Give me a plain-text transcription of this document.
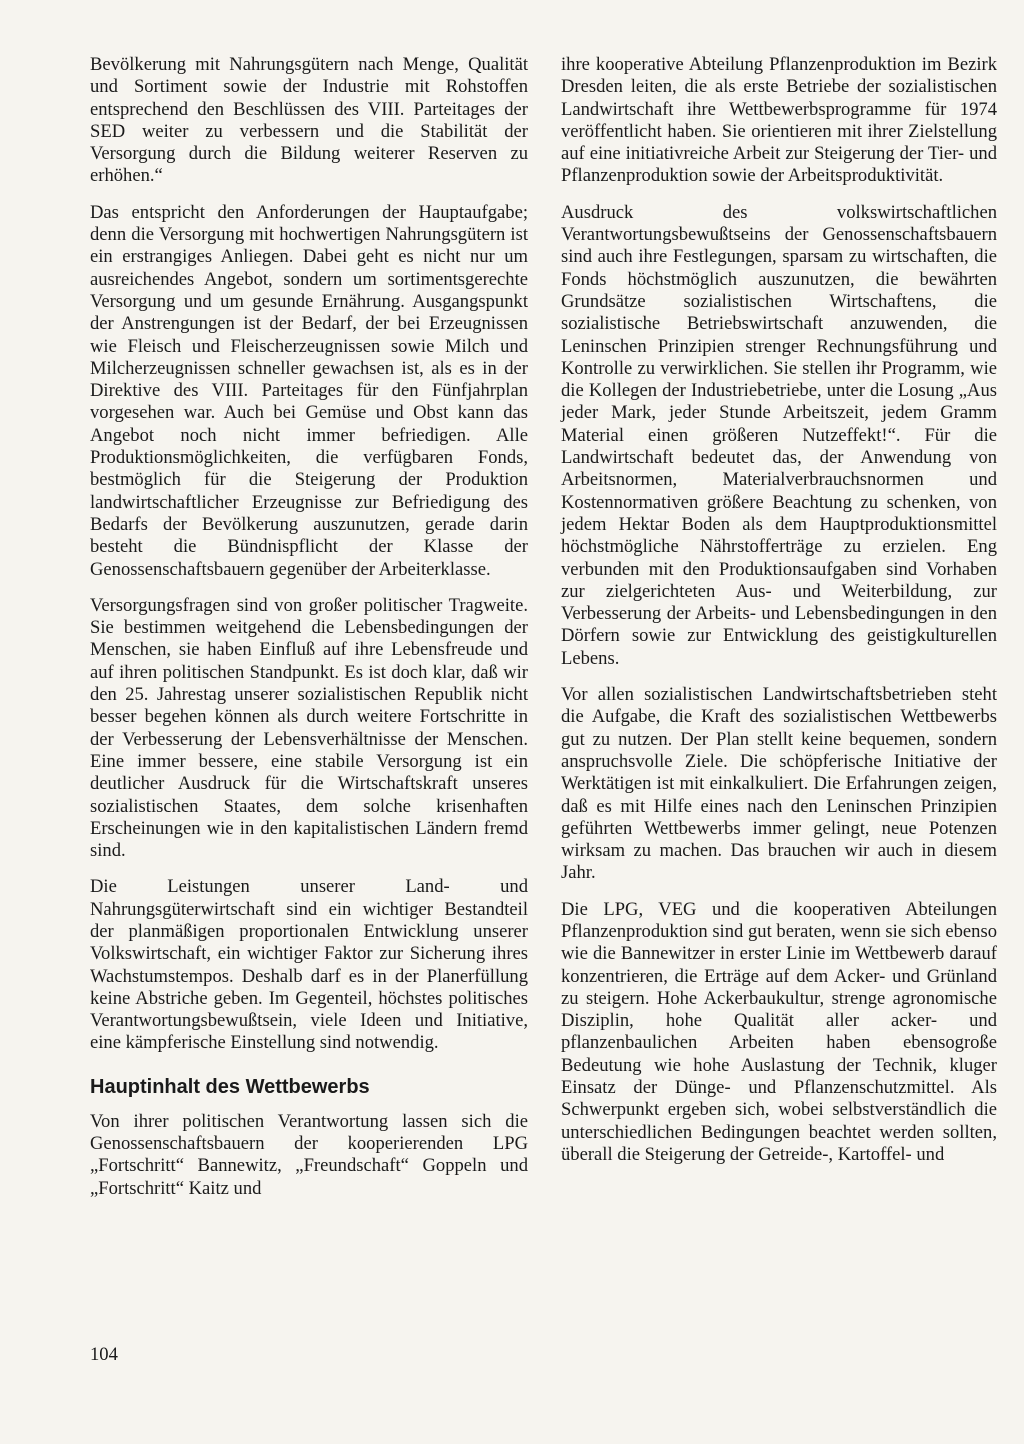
Bevölkerung mit Nahrungsgütern nach Menge, Qualität und Sortiment sowie der Industrie mit Rohstoffen entsprechend den Beschlüssen des VIII. Parteitages der SED weiter zu verbessern und die Stabilität der Versorgung durch die Bildung weiterer Reserven zu erhöhen.“

Das entspricht den Anforderungen der Hauptaufgabe; denn die Versorgung mit hochwertigen Nahrungsgütern ist ein erstrangiges Anliegen. Dabei geht es nicht nur um ausreichendes Angebot, sondern um sortimentsgerechte Versorgung und um gesunde Ernährung. Ausgangspunkt der Anstrengungen ist der Bedarf, der bei Erzeugnissen wie Fleisch und Fleischerzeugnissen sowie Milch und Milcherzeugnissen schneller gewachsen ist, als es in der Direktive des VIII. Parteitages für den Fünfjahrplan vorgesehen war. Auch bei Gemüse und Obst kann das Angebot noch nicht immer befriedigen. Alle Produktionsmöglichkeiten, die verfügbaren Fonds, bestmöglich für die Steigerung der Produktion landwirtschaftlicher Erzeugnisse zur Befriedigung des Bedarfs der Bevölkerung auszunutzen, gerade darin besteht die Bündnispflicht der Klasse der Genossenschaftsbauern gegenüber der Arbeiterklasse.

Versorgungsfragen sind von großer politischer Tragweite. Sie bestimmen weitgehend die Lebensbedingungen der Menschen, sie haben Einfluß auf ihre Lebensfreude und auf ihren politischen Standpunkt. Es ist doch klar, daß wir den 25. Jahrestag unserer sozialistischen Republik nicht besser begehen können als durch weitere Fortschritte in der Verbesserung der Lebensverhältnisse der Menschen. Eine immer bessere, eine stabile Versorgung ist ein deutlicher Ausdruck für die Wirtschaftskraft unseres sozialistischen Staates, dem solche krisenhaften Erscheinungen wie in den kapitalistischen Ländern fremd sind.

Die Leistungen unserer Land- und Nahrungsgüterwirtschaft sind ein wichtiger Bestandteil der planmäßigen proportionalen Entwicklung unserer Volkswirtschaft, ein wichtiger Faktor zur Sicherung ihres Wachstumstempos. Deshalb darf es in der Planerfüllung keine Abstriche geben. Im Gegenteil, höchstes politisches Verantwortungsbewußtsein, viele Ideen und Initiative, eine kämpferische Einstellung sind notwendig.

Hauptinhalt des Wettbewerbs

Von ihrer politischen Verantwortung lassen sich die Genossenschaftsbauern der kooperierenden LPG „Fortschritt“ Bannewitz, „Freundschaft“ Goppeln und „Fortschritt“ Kaitz und

ihre kooperative Abteilung Pflanzenproduktion im Bezirk Dresden leiten, die als erste Betriebe der sozialistischen Landwirtschaft ihre Wettbewerbsprogramme für 1974 veröffentlicht haben. Sie orientieren mit ihrer Zielstellung auf eine initiativreiche Arbeit zur Steigerung der Tier- und Pflanzenproduktion sowie der Arbeitsproduktivität.

Ausdruck des volkswirtschaftlichen Verantwortungsbewußtseins der Genossenschaftsbauern sind auch ihre Festlegungen, sparsam zu wirtschaften, die Fonds höchstmöglich auszunutzen, die bewährten Grundsätze sozialistischen Wirtschaftens, die sozialistische Betriebswirtschaft anzuwenden, die Leninschen Prinzipien strenger Rechnungsführung und Kontrolle zu verwirklichen. Sie stellen ihr Programm, wie die Kollegen der Industriebetriebe, unter die Losung „Aus jeder Mark, jeder Stunde Arbeitszeit, jedem Gramm Material einen größeren Nutzeffekt!“. Für die Landwirtschaft bedeutet das, der Anwendung von Arbeitsnormen, Materialverbrauchsnormen und Kostennormativen größere Beachtung zu schenken, von jedem Hektar Boden als dem Hauptproduktionsmittel höchstmögliche Nährstofferträge zu erzielen. Eng verbunden mit den Produktionsaufgaben sind Vorhaben zur zielgerichteten Aus- und Weiterbildung, zur Verbesserung der Arbeits- und Lebensbedingungen in den Dörfern sowie zur Entwicklung des geistigkulturellen Lebens.

Vor allen sozialistischen Landwirtschaftsbetrieben steht die Aufgabe, die Kraft des sozialistischen Wettbewerbs gut zu nutzen. Der Plan stellt keine bequemen, sondern anspruchsvolle Ziele. Die schöpferische Initiative der Werktätigen ist mit einkalkuliert. Die Erfahrungen zeigen, daß es mit Hilfe eines nach den Leninschen Prinzipien geführten Wettbewerbs immer gelingt, neue Potenzen wirksam zu machen. Das brauchen wir auch in diesem Jahr.

Die LPG, VEG und die kooperativen Abteilungen Pflanzenproduktion sind gut beraten, wenn sie sich ebenso wie die Bannewitzer in erster Linie im Wettbewerb darauf konzentrieren, die Erträge auf dem Acker- und Grünland zu steigern. Hohe Ackerbaukultur, strenge agronomische Disziplin, hohe Qualität aller acker- und pflanzenbaulichen Arbeiten haben ebensogroße Bedeutung wie hohe Auslastung der Technik, kluger Einsatz der Dünge- und Pflanzenschutzmittel. Als Schwerpunkt ergeben sich, wobei selbstverständlich die unterschiedlichen Bedingungen beachtet werden sollten, überall die Steigerung der Getreide-, Kartoffel- und

104
